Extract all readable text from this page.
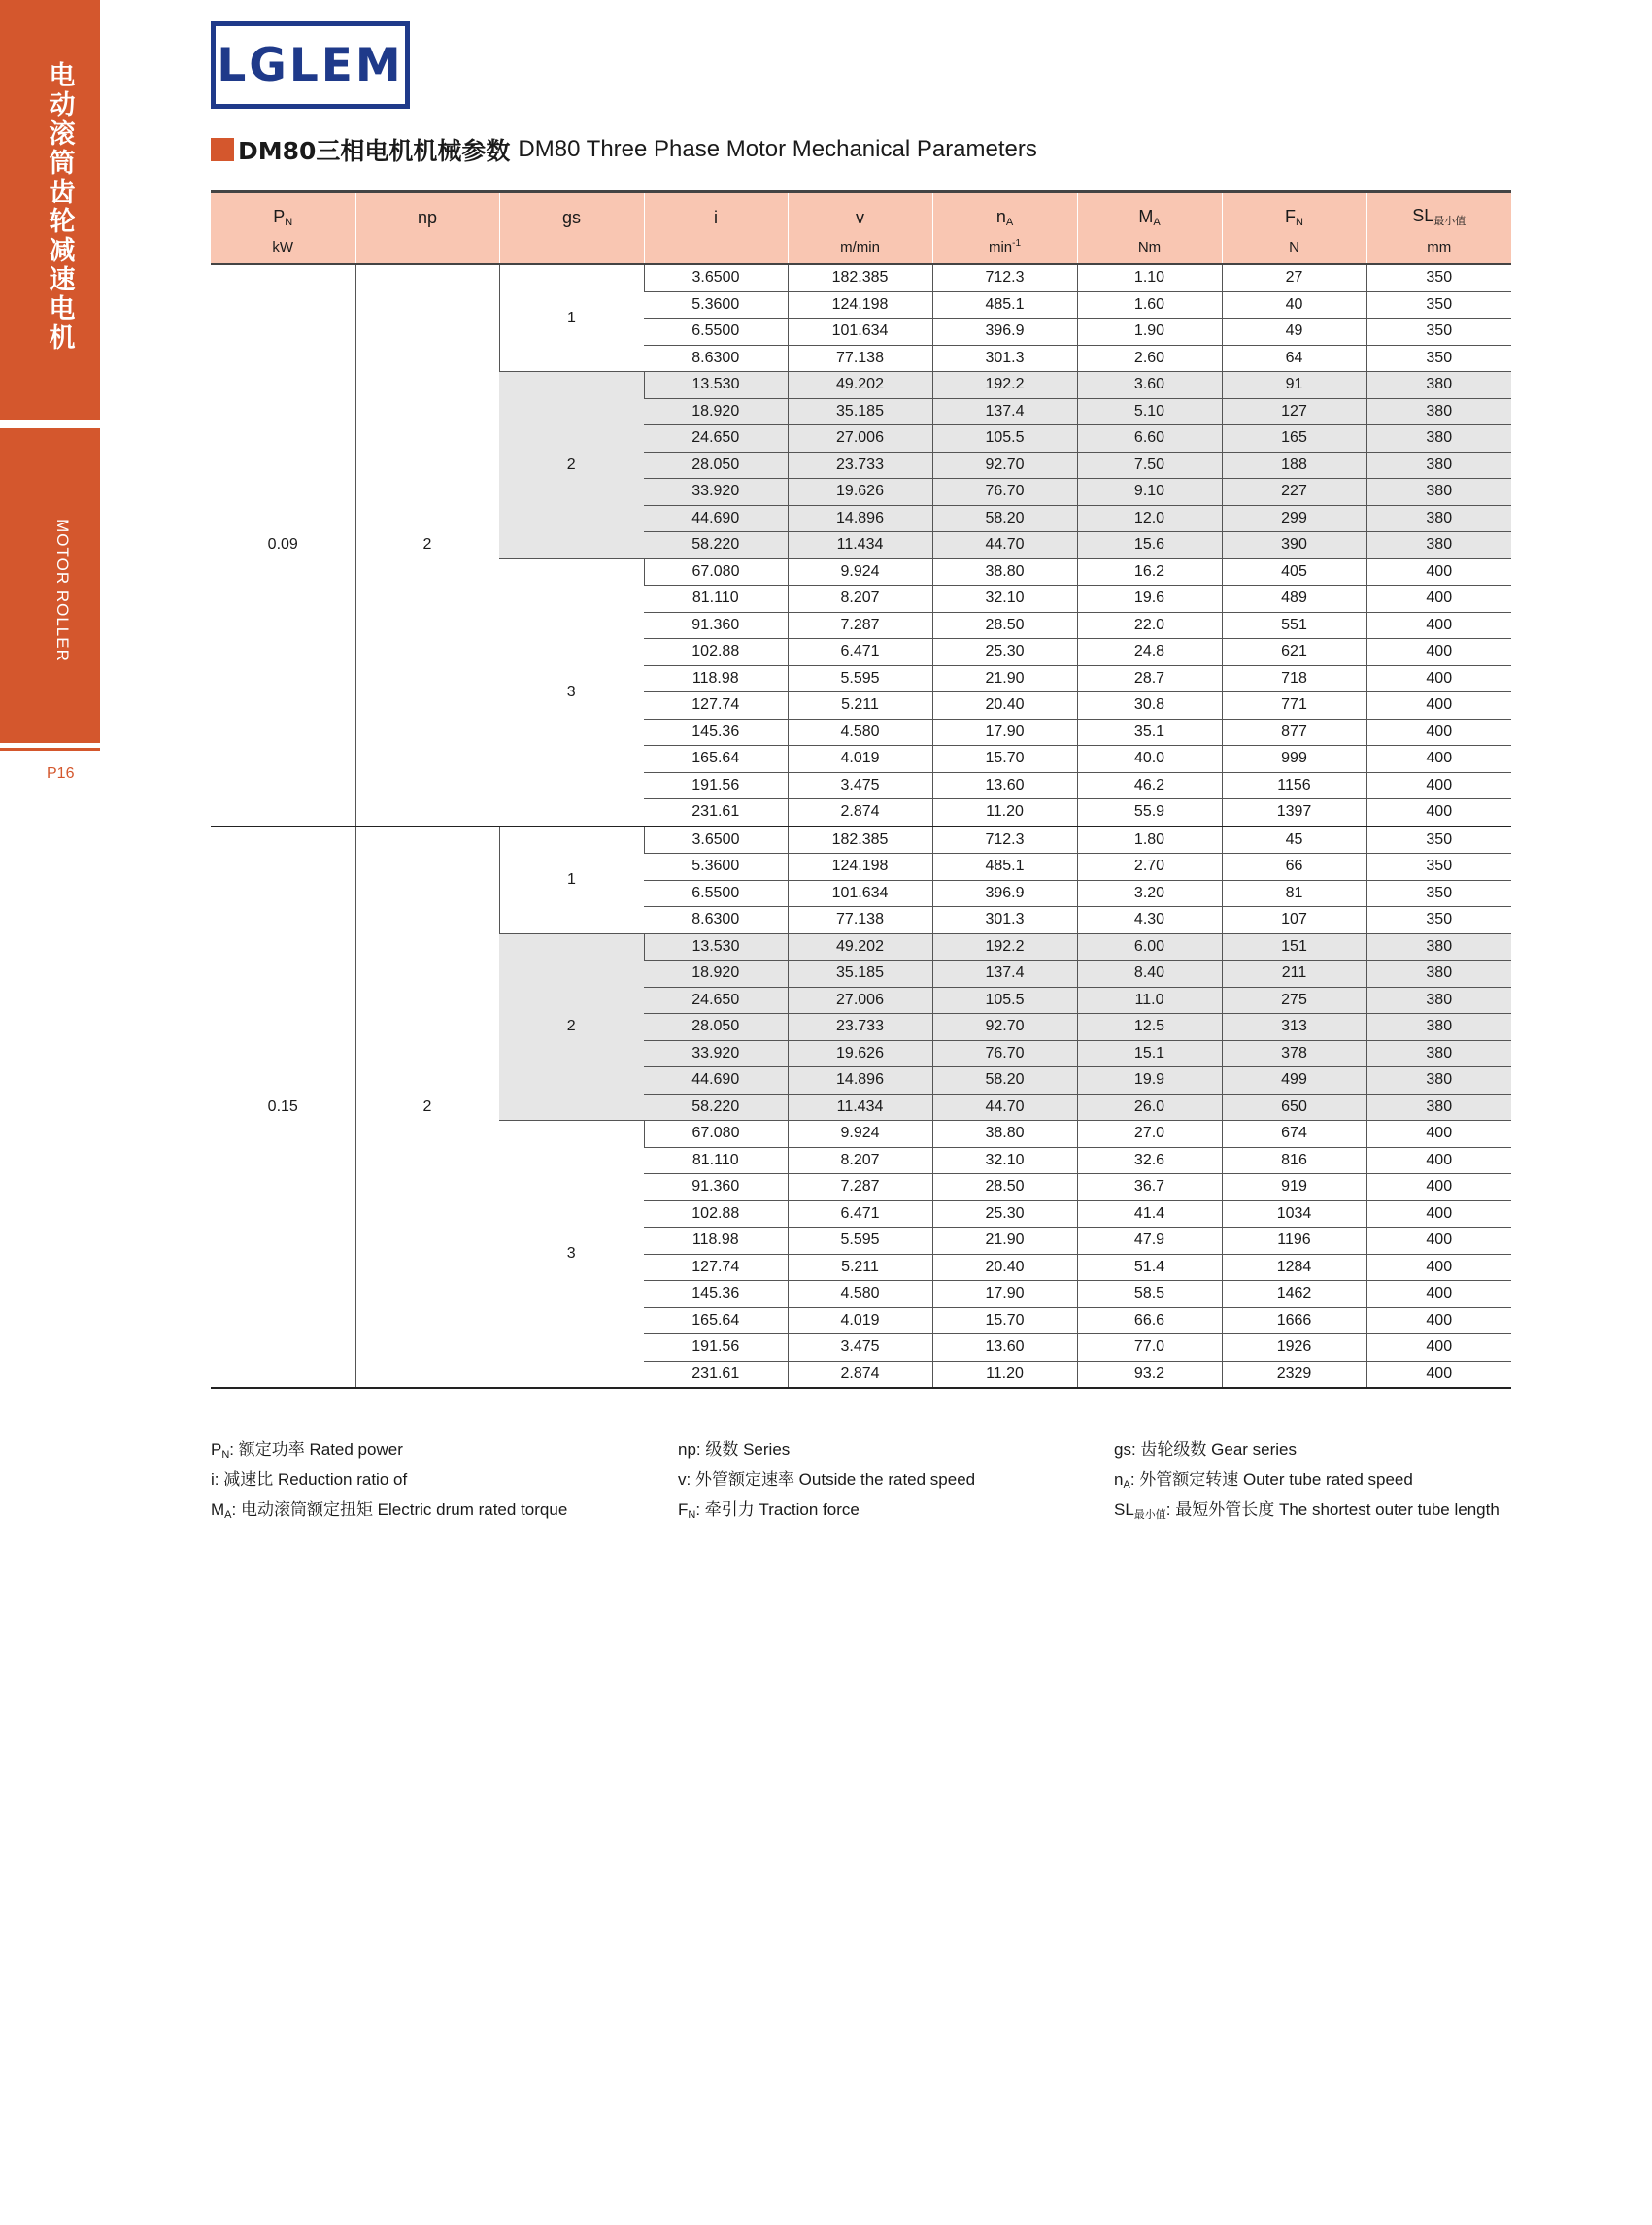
电
动
滚
筒
齿
轮
减
速
电
机
MOTOR ROLLER
P16
LGLEM
DM80三相电机机械参数 DM80 Three Phase Motor Mechanical Parameters
$P_N$	np	gs	i	v	$n_A$	$M_A$	$F_N$	$SL_{最小值}$
kW				m/min	$\min^{-1}$	Nm	N	mm
0.09	2	1	3.6500	182.385	712.3	1.10	27	350
			5.3600	124.198	485.1	1.60	40	350
			6.5500	101.634	396.9	1.90	49	350
			8.6300	77.138	301.3	2.60	64	350
		2	13.530	49.202	192.2	3.60	91	380
			18.920	35.185	137.4	5.10	127	380
			24.650	27.006	105.5	6.60	165	380
			28.050	23.733	92.70	7.50	188	380
			33.920	19.626	76.70	9.10	227	380
			44.690	14.896	58.20	12.0	299	380
			58.220	11.434	44.70	15.6	390	380
		3	67.080	9.924	38.80	16.2	405	400
			81.110	8.207	32.10	19.6	489	400
			91.360	7.287	28.50	22.0	551	400
			102.88	6.471	25.30	24.8	621	400
			118.98	5.595	21.90	28.7	718	400
			127.74	5.211	20.40	30.8	771	400
			145.36	4.580	17.90	35.1	877	400
			165.64	4.019	15.70	40.0	999	400
			191.56	3.475	13.60	46.2	1156	400
			231.61	2.874	11.20	55.9	1397	400
0.15	2	1	3.6500	182.385	712.3	1.80	45	350
			5.3600	124.198	485.1	2.70	66	350
			6.5500	101.634	396.9	3.20	81	350
			8.6300	77.138	301.3	4.30	107	350
		2	13.530	49.202	192.2	6.00	151	380
			18.920	35.185	137.4	8.40	211	380
			24.650	27.006	105.5	11.0	275	380
			28.050	23.733	92.70	12.5	313	380
			33.920	19.626	76.70	15.1	378	380
			44.690	14.896	58.20	19.9	499	380
			58.220	11.434	44.70	26.0	650	380
		3	67.080	9.924	38.80	27.0	674	400
			81.110	8.207	32.10	32.6	816	400
			91.360	7.287	28.50	36.7	919	400
			102.88	6.471	25.30	41.4	1034	400
			118.98	5.595	21.90	47.9	1196	400
			127.74	5.211	20.40	51.4	1284	400
			145.36	4.580	17.90	58.5	1462	400
			165.64	4.019	15.70	66.6	1666	400
			191.56	3.475	13.60	77.0	1926	400
			231.61	2.874	11.20	93.2	2329	400
$P_N$: 额定功率 Rated power	np: 级数 Series	gs: 齿轮级数 Gear series
i: 减速比 Reduction ratio of	v: 外管额定速率 Outside the rated speed	$n_A$: 外管额定转速 Outer tube rated speed
$M_A$: 电动滚筒额定扭矩 Electric drum rated torque	$F_N$: 牵引力 Traction force	$SL_{最小值}$: 最短外管长度 The shortest outer tube length
